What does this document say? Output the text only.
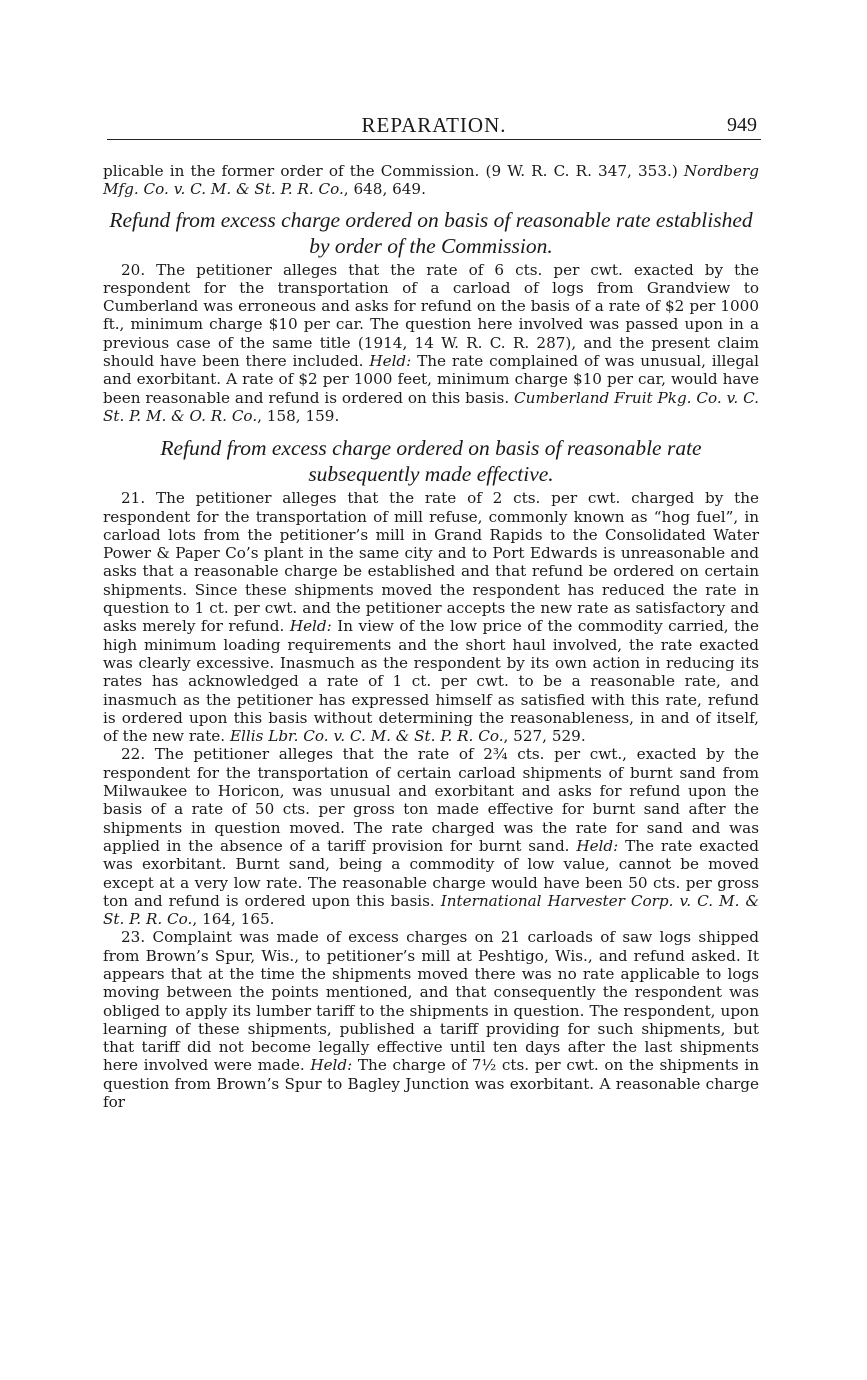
REPARATION.	949

plicable in the former order of the Commission. (9 W. R. C. R. 347, 353.) Nordberg Mfg. Co. v. C. M. & St. P. R. Co., 648, 649.

Refund from excess charge ordered on basis of reasonable rate established by order of the Commission.

20. The petitioner alleges that the rate of 6 cts. per cwt. exacted by the respondent for the transportation of a carload of logs from Grandview to Cumberland was erroneous and asks for refund on the basis of a rate of $2 per 1000 ft., minimum charge $10 per car. The question here involved was passed upon in a previous case of the same title (1914, 14 W. R. C. R. 287), and the present claim should have been there included. Held: The rate complained of was unusual, illegal and exorbitant. A rate of $2 per 1000 feet, minimum charge $10 per car, would have been reasonable and refund is ordered on this basis. Cumberland Fruit Pkg. Co. v. C. St. P. M. & O. R. Co., 158, 159.

Refund from excess charge ordered on basis of reasonable rate subsequently made effective.

21. The petitioner alleges that the rate of 2 cts. per cwt. charged by the respondent for the transportation of mill refuse, commonly known as “hog fuel”, in carload lots from the petitioner’s mill in Grand Rapids to the Consolidated Water Power & Paper Co’s plant in the same city and to Port Edwards is unreasonable and asks that a reasonable charge be established and that refund be ordered on certain shipments. Since these shipments moved the respondent has reduced the rate in question to 1 ct. per cwt. and the petitioner accepts the new rate as satisfactory and asks merely for refund. Held: In view of the low price of the commodity carried, the high minimum loading requirements and the short haul involved, the rate exacted was clearly excessive. Inasmuch as the respondent by its own action in reducing its rates has acknowledged a rate of 1 ct. per cwt. to be a reasonable rate, and inasmuch as the petitioner has expressed himself as satisfied with this rate, refund is ordered upon this basis without determining the reasonableness, in and of itself, of the new rate. Ellis Lbr. Co. v. C. M. & St. P. R. Co., 527, 529.

22. The petitioner alleges that the rate of 2¾ cts. per cwt., exacted by the respondent for the transportation of certain carload shipments of burnt sand from Milwaukee to Horicon, was unusual and exorbitant and asks for refund upon the basis of a rate of 50 cts. per gross ton made effective for burnt sand after the shipments in question moved. The rate charged was the rate for sand and was applied in the absence of a tariff provision for burnt sand. Held: The rate exacted was exorbitant. Burnt sand, being a commodity of low value, cannot be moved except at a very low rate. The reasonable charge would have been 50 cts. per gross ton and refund is ordered upon this basis. International Harvester Corp. v. C. M. & St. P. R. Co., 164, 165.

23. Complaint was made of excess charges on 21 carloads of saw logs shipped from Brown’s Spur, Wis., to petitioner’s mill at Peshtigo, Wis., and refund asked. It appears that at the time the shipments moved there was no rate applicable to logs moving between the points mentioned, and that consequently the respondent was obliged to apply its lumber tariff to the shipments in question. The respondent, upon learning of these shipments, published a tariff providing for such shipments, but that tariff did not become legally effective until ten days after the last shipments here involved were made. Held: The charge of 7½ cts. per cwt. on the shipments in question from Brown’s Spur to Bagley Junction was exorbitant. A reasonable charge for
